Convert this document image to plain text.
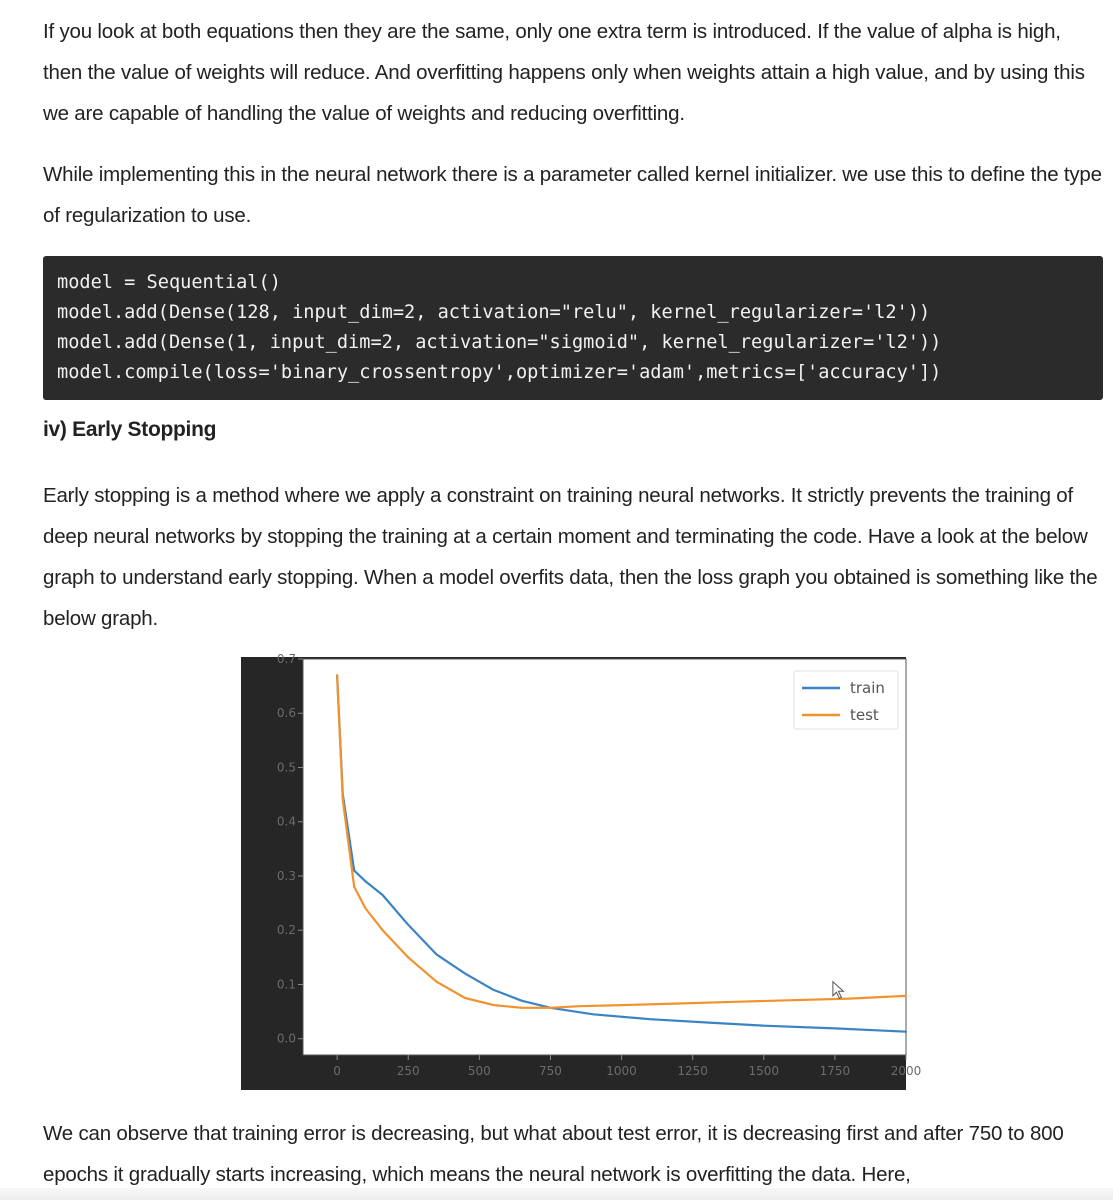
If you look at both equations then they are the same, only one extra term is introduced. If the value of alpha is high, then the value of weights will reduce. And overfitting happens only when weights attain a high value, and by using this we are capable of handling the value of weights and reducing overfitting.

While implementing this in the neural network there is a parameter called kernel initializer. we use this to define the type of regularization to use.

model = Sequential()
model.add(Dense(128, input_dim=2, activation="relu", kernel_regularizer='l2'))
model.add(Dense(1, input_dim=2, activation="sigmoid", kernel_regularizer='l2'))
model.compile(loss='binary_crossentropy',optimizer='adam',metrics=['accuracy'])
iv) Early Stopping

Early stopping is a method where we apply a constraint on training neural networks. It strictly prevents the training of deep neural networks by stopping the training at a certain moment and terminating the code. Have a look at the below graph to understand early stopping. When a model overfits data, then the loss graph you obtained is something like the below graph.

We can observe that training error is decreasing, but what about test error, it is decreasing first and after 750 to 800 epochs it gradually starts increasing, which means the neural network is overfitting the data. Here,

0.0
0.1
0.2
0.3
0.4
0.5
0.6
0.7
0	250	500	750	1000	1250	1500	1750	2000
train
test
